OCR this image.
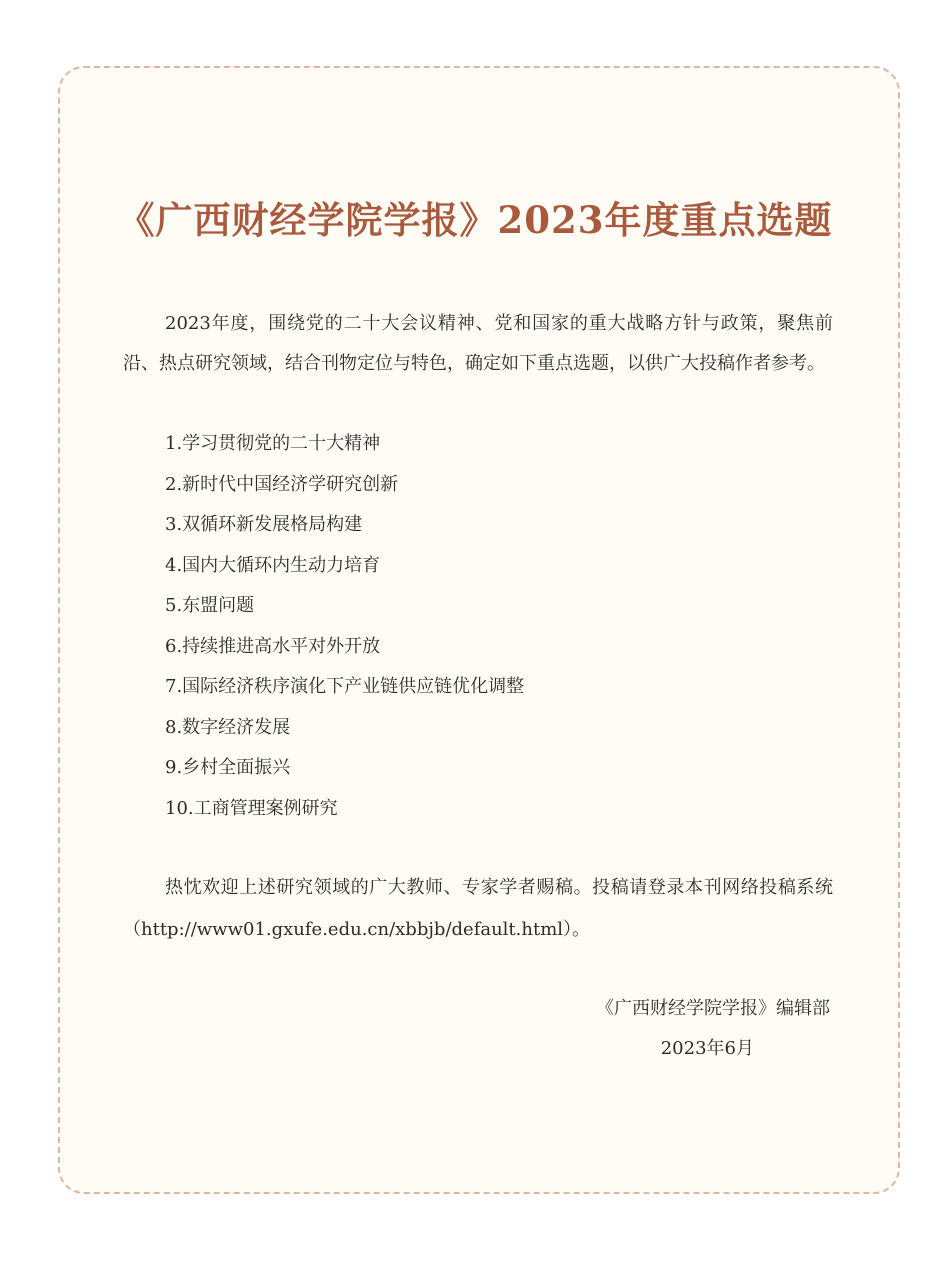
《广西财经学院学报》2023年度重点选题

2023年度，围绕党的二十大会议精神、党和国家的重大战略方针与政策，聚焦前沿、热点研究领域，结合刊物定位与特色，确定如下重点选题，以供广大投稿作者参考。

1.学习贯彻党的二十大精神
2.新时代中国经济学研究创新
3.双循环新发展格局构建
4.国内大循环内生动力培育
5.东盟问题
6.持续推进高水平对外开放
7.国际经济秩序演化下产业链供应链优化调整
8.数字经济发展
9.乡村全面振兴
10.工商管理案例研究

热忱欢迎上述研究领域的广大教师、专家学者赐稿。投稿请登录本刊网络投稿系统（http://www01.gxufe.edu.cn/xbbjb/default.html）。

《广西财经学院学报》编辑部
2023年6月
